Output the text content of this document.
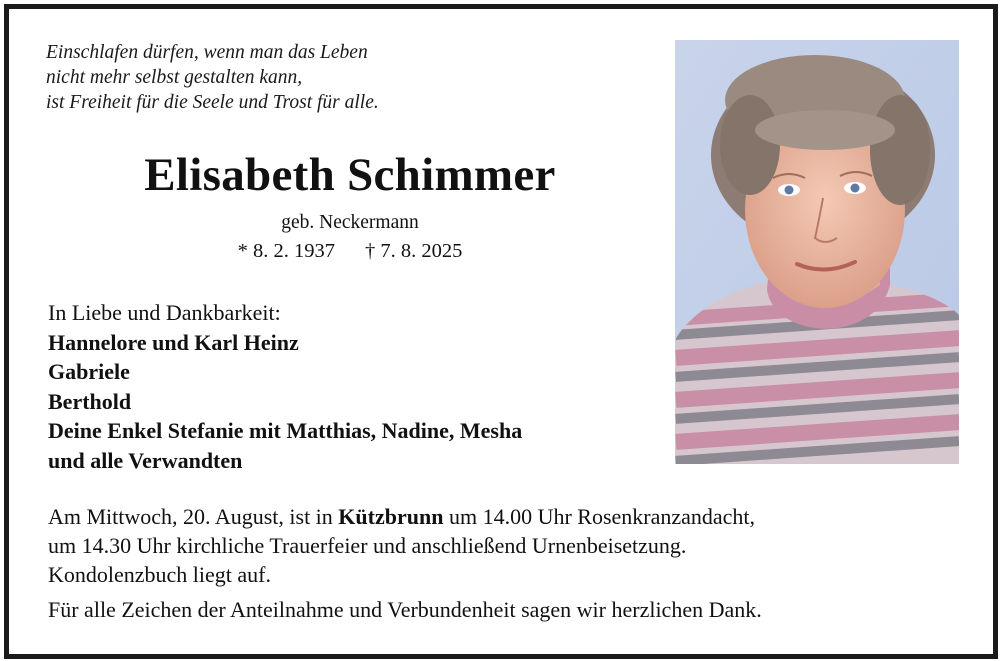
Einschlafen dürfen, wenn man das Leben
nicht mehr selbst gestalten kann,
ist Freiheit für die Seele und Trost für alle.
Elisabeth Schimmer
geb. Neckermann
* 8. 2. 1937 † 7. 8. 2025
In Liebe und Dankbarkeit:
Hannelore und Karl Heinz
Gabriele
Berthold
Deine Enkel Stefanie mit Matthias, Nadine, Mesha
und alle Verwandten
Am Mittwoch, 20. August, ist in Kützbrunn um 14.00 Uhr Rosenkranzandacht,
um 14.30 Uhr kirchliche Trauerfeier und anschließend Urnenbeisetzung.
Kondolenzbuch liegt auf.
Für alle Zeichen der Anteilnahme und Verbundenheit sagen wir herzlichen Dank.
